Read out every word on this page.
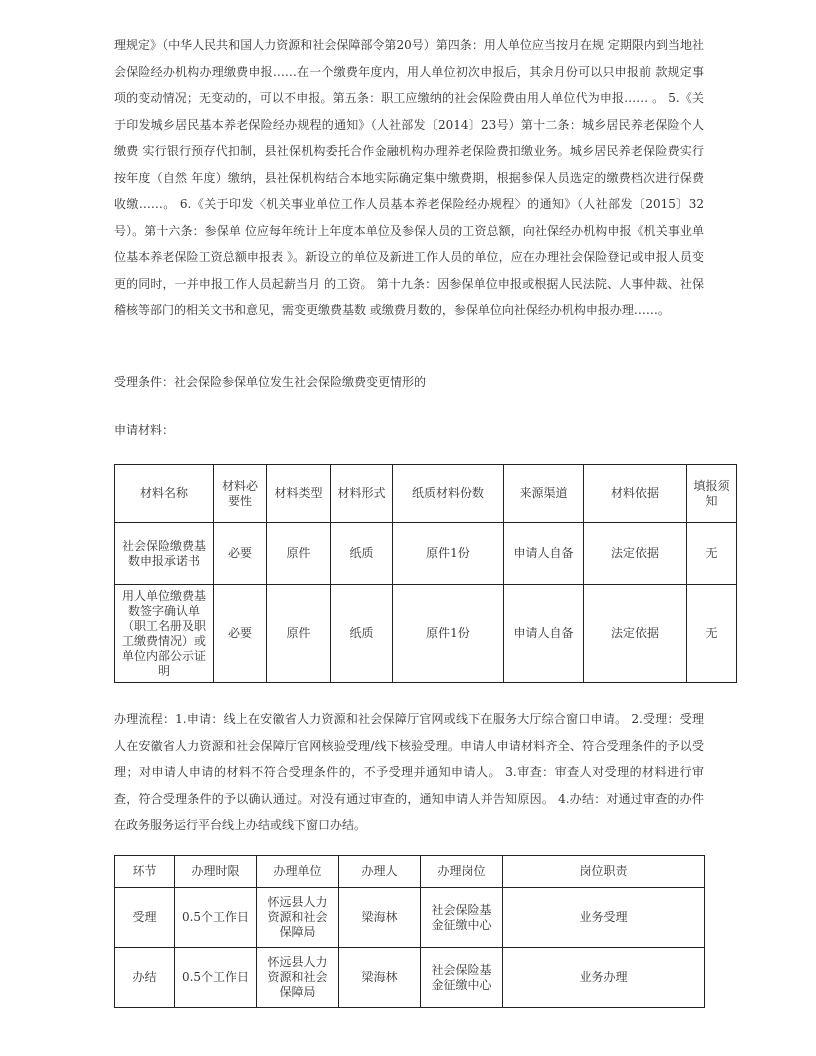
理规定》（中华人民共和国人力资源和社会保障部令第20号）第四条：用人单位应当按月在规 定期限内到当地社会保险经办机构办理缴费申报……在一个缴费年度内，用人单位初次申报后，其余月份可以只申报前 款规定事项的变动情况；无变动的，可以不申报。第五条：职工应缴纳的社会保险费由用人单位代为申报…… 。 5.《关于印发城乡居民基本养老保险经办规程的通知》（人社部发〔2014〕23号）第十二条：城乡居民养老保险个人缴费 实行银行预存代扣制，县社保机构委托合作金融机构办理养老保险费扣缴业务。城乡居民养老保险费实行按年度（自然 年度）缴纳，县社保机构结合本地实际确定集中缴费期，根据参保人员选定的缴费档次进行保费收缴……。 6.《关于印发〈机关事业单位工作人员基本养老保险经办规程〉的通知》（人社部发〔2015〕32号）。第十六条：参保单 位应每年统计上年度本单位及参保人员的工资总额，向社保经办机构申报《机关事业单位基本养老保险工资总额申报表 》。新设立的单位及新进工作人员的单位，应在办理社会保险登记或申报人员变更的同时，一并申报工作人员起薪当月 的工资。 第十九条：因参保单位申报或根据人民法院、人事仲裁、社保稽核等部门的相关文书和意见，需变更缴费基数 或缴费月数的，参保单位向社保经办机构申报办理……。

受理条件：社会保险参保单位发生社会保险缴费变更情形的

申请材料：

材料名称	材料必要性	材料类型	材料形式	纸质材料份数	来源渠道	材料依据	填报须知
社会保险缴费基数申报承诺书	必要	原件	纸质	原件1份	申请人自备	法定依据	无
用人单位缴费基数签字确认单（职工名册及职工缴费情况）或单位内部公示证明	必要	原件	纸质	原件1份	申请人自备	法定依据	无

办理流程：1.申请：线上在安徽省人力资源和社会保障厅官网或线下在服务大厅综合窗口申请。 2.受理：受理人在安徽省人力资源和社会保障厅官网核验受理/线下核验受理。申请人申请材料齐全、符合受理条件的予以受理；对申请人申请的材料不符合受理条件的，不予受理并通知申请人。 3.审查：审查人对受理的材料进行审查，符合受理条件的予以确认通过。对没有通过审查的，通知申请人并告知原因。 4.办结：对通过审查的办件在政务服务运行平台线上办结或线下窗口办结。

环节	办理时限	办理单位	办理人	办理岗位	岗位职责
受理	0.5个工作日	怀远县人力资源和社会保障局	梁海林	社会保险基金征缴中心	业务受理
办结	0.5个工作日	怀远县人力资源和社会保障局	梁海林	社会保险基金征缴中心	业务办理
